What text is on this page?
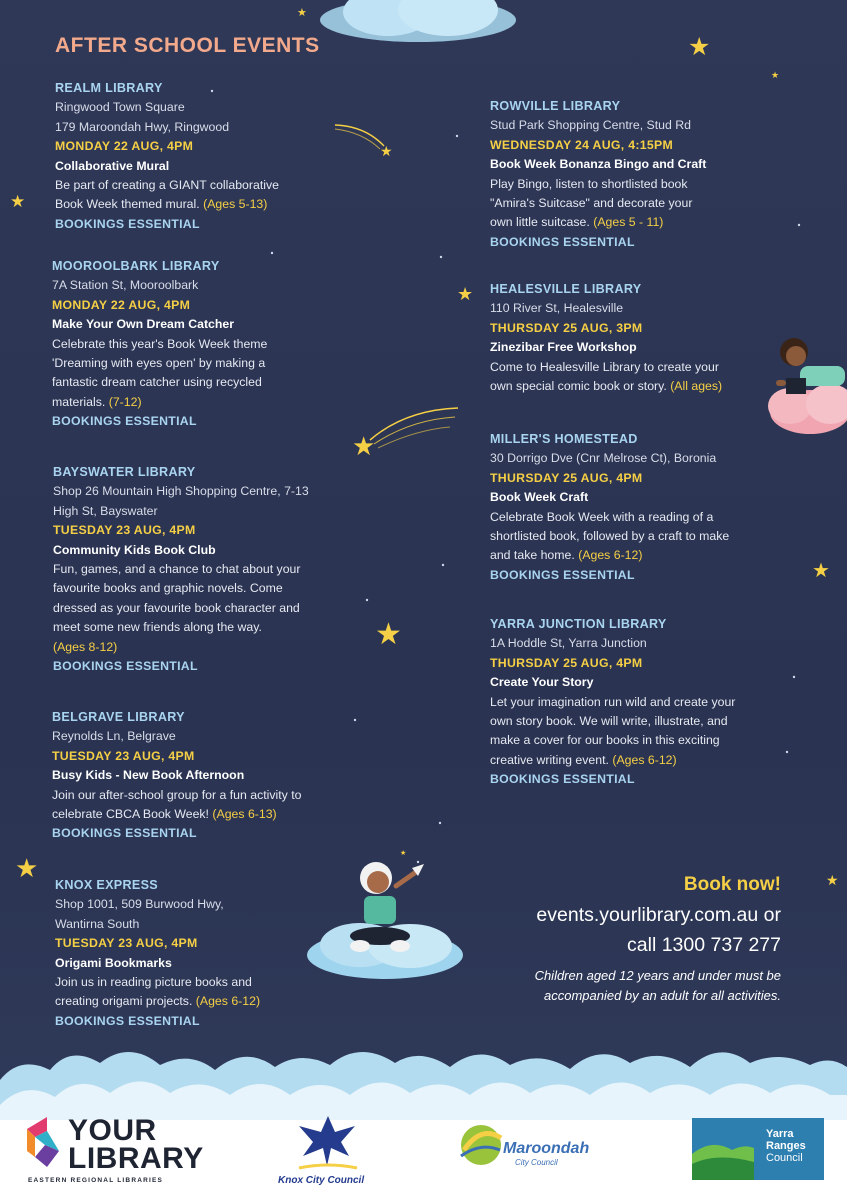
AFTER SCHOOL EVENTS
REALM LIBRARY
Ringwood Town Square
179 Maroondah Hwy, Ringwood
MONDAY 22 AUG, 4PM
Collaborative Mural
Be part of creating a GIANT collaborative
Book Week themed mural. (Ages 5-13)
BOOKINGS ESSENTIAL
MOOROOLBARK LIBRARY
7A Station St, Mooroolbark
MONDAY 22 AUG, 4PM
Make Your Own Dream Catcher
Celebrate this year's Book Week theme
'Dreaming with eyes open' by making a
fantastic dream catcher using recycled
materials. (7-12)
BOOKINGS ESSENTIAL
BAYSWATER LIBRARY
Shop 26 Mountain High Shopping Centre, 7-13
High St, Bayswater
TUESDAY 23 AUG, 4PM
Community Kids Book Club
Fun, games, and a chance to chat about your
favourite books and graphic novels. Come
dressed as your favourite book character and
meet some new friends along the way.
(Ages 8-12)
BOOKINGS ESSENTIAL
BELGRAVE LIBRARY
Reynolds Ln, Belgrave
TUESDAY 23 AUG, 4PM
Busy Kids - New Book Afternoon
Join our after-school group for a fun activity to
celebrate CBCA Book Week! (Ages 6-13)
BOOKINGS ESSENTIAL
KNOX EXPRESS
Shop 1001, 509 Burwood Hwy,
Wantirna South
TUESDAY 23 AUG, 4PM
Origami Bookmarks
Join us in reading picture books and
creating origami projects. (Ages 6-12)
BOOKINGS ESSENTIAL
ROWVILLE LIBRARY
Stud Park Shopping Centre, Stud Rd
WEDNESDAY 24 AUG, 4:15PM
Book Week Bonanza Bingo and Craft
Play Bingo, listen to shortlisted book
"Amira's Suitcase" and decorate your
own little suitcase. (Ages 5 - 11)
BOOKINGS ESSENTIAL
HEALESVILLE LIBRARY
110 River St, Healesville
THURSDAY 25 AUG, 3PM
Zinezibar Free Workshop
Come to Healesville Library to create your
own special comic book or story. (All ages)
MILLER'S HOMESTEAD
30 Dorrigo Dve (Cnr Melrose Ct), Boronia
THURSDAY 25 AUG, 4PM
Book Week Craft
Celebrate Book Week with a reading of a
shortlisted book, followed by a craft to make
and take home. (Ages 6-12)
BOOKINGS ESSENTIAL
YARRA JUNCTION LIBRARY
1A Hoddle St, Yarra Junction
THURSDAY 25 AUG, 4PM
Create Your Story
Let your imagination run wild and create your
own story book. We will write, illustrate, and
make a cover for our books in this exciting
creative writing event. (Ages 6-12)
BOOKINGS ESSENTIAL
Book now!
events.yourlibrary.com.au or
call 1300 737 277
Children aged 12 years and under must be accompanied by an adult for all activities.
★
★
★
★
★
★
★
★	★
★
★
★
YOUR
LIBRARY
EASTERN REGIONAL LIBRARIES	Knox City Council
Maroondah
City Council
Yarra
Ranges
Council
